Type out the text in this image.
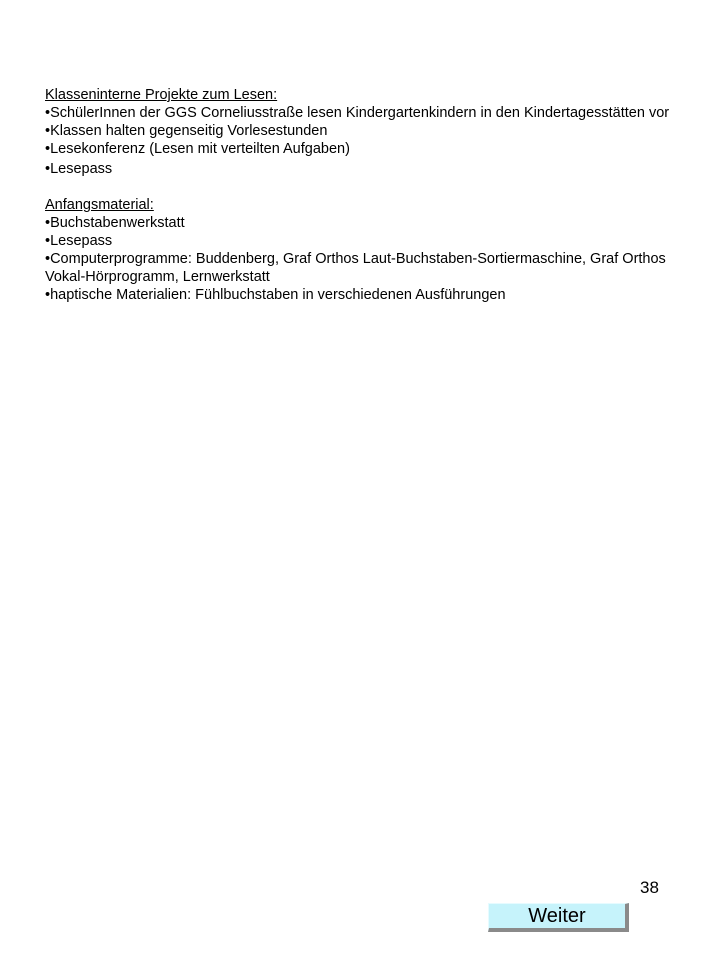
Klasseninterne Projekte zum Lesen:

•SchülerInnen der GGS Corneliusstraße lesen Kindergartenkindern in den Kindertagesstätten vor

•Klassen halten gegenseitig Vorlesestunden

•Lesekonferenz (Lesen mit verteilten Aufgaben)

•Lesepass

Anfangsmaterial:

•Buchstabenwerkstatt

•Lesepass

•Computerprogramme: Buddenberg, Graf Orthos Laut-Buchstaben-Sortiermaschine, Graf Orthos Vokal-Hörprogramm, Lernwerkstatt

•haptische Materialien: Fühlbuchstaben in verschiedenen Ausführungen

38
Weiter
